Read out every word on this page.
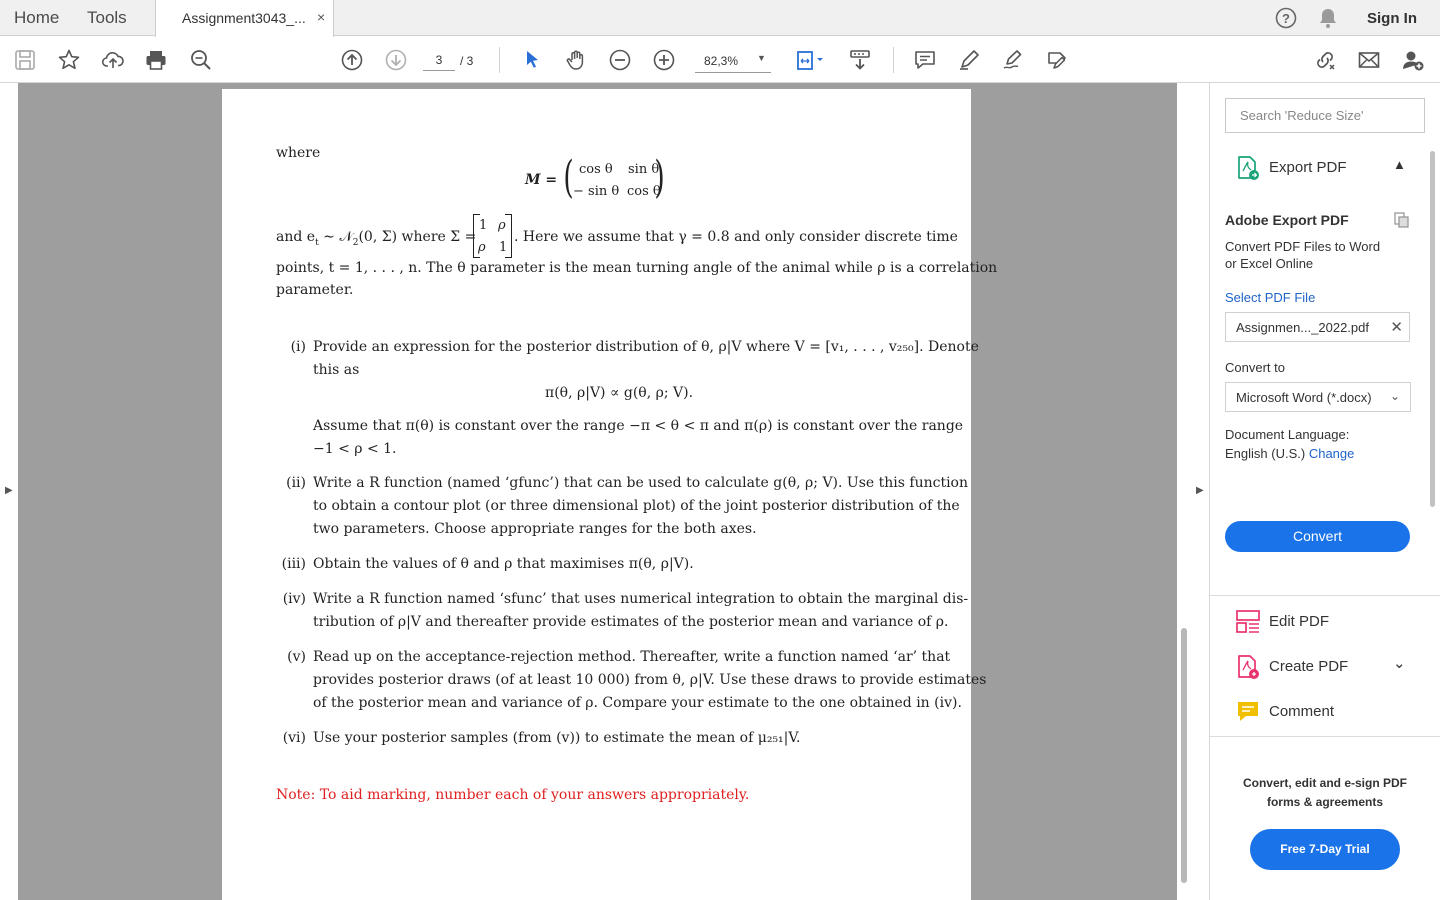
Home Tools	Assignment3043_... ×	?	Sign In
3
/ 3	82,3% ▼
▶
where
M = ( cos θ sin θ
− sin θ cos θ
)
and $e_t$ ∼ 𝒩$_2$(0, Σ) where Σ =
1 ρ
ρ 1
. Here we assume that γ = 0.8 and only consider discrete time
points, t = 1, . . . , n. The θ parameter is the mean turning angle of the animal while ρ is a correlation
parameter.
(i) Provide an expression for the posterior distribution of θ, ρ|V where V = [v₁, . . . , v₂₅₀]. Denote
this as
π(θ, ρ|V) ∝ g(θ, ρ; V).
Assume that π(θ) is constant over the range −π < θ < π and π(ρ) is constant over the range
−1 < ρ < 1.
(ii) Write a R function (named ‘gfunc’) that can be used to calculate g(θ, ρ; V). Use this function
to obtain a contour plot (or three dimensional plot) of the joint posterior distribution of the
two parameters. Choose appropriate ranges for the both axes.
(iii) Obtain the values of θ and ρ that maximises π(θ, ρ|V).
(iv) Write a R function named ‘sfunc’ that uses numerical integration to obtain the marginal dis-
tribution of ρ|V and thereafter provide estimates of the posterior mean and variance of ρ.
(v) Read up on the acceptance-rejection method. Thereafter, write a function named ‘ar’ that
provides posterior draws (of at least 10 000) from θ, ρ|V. Use these draws to provide estimates
of the posterior mean and variance of ρ. Compare your estimate to the one obtained in (iv).
(vi) Use your posterior samples (from (v)) to estimate the mean of μ₂₅₁|V.
Note: To aid marking, number each of your answers appropriately.
▶
Search 'Reduce Size'
Export PDF	▲
Adobe Export PDF
Convert PDF Files to Word
or Excel Online
Select PDF File
Assignmen..._2022.pdf ✕
Convert to
Microsoft Word (*.docx) ⌄
Document Language:
English (U.S.) Change
Convert
Edit PDF
Create PDF	⌄
Comment
Convert, edit and e-sign PDF
forms & agreements
Free 7-Day Trial
